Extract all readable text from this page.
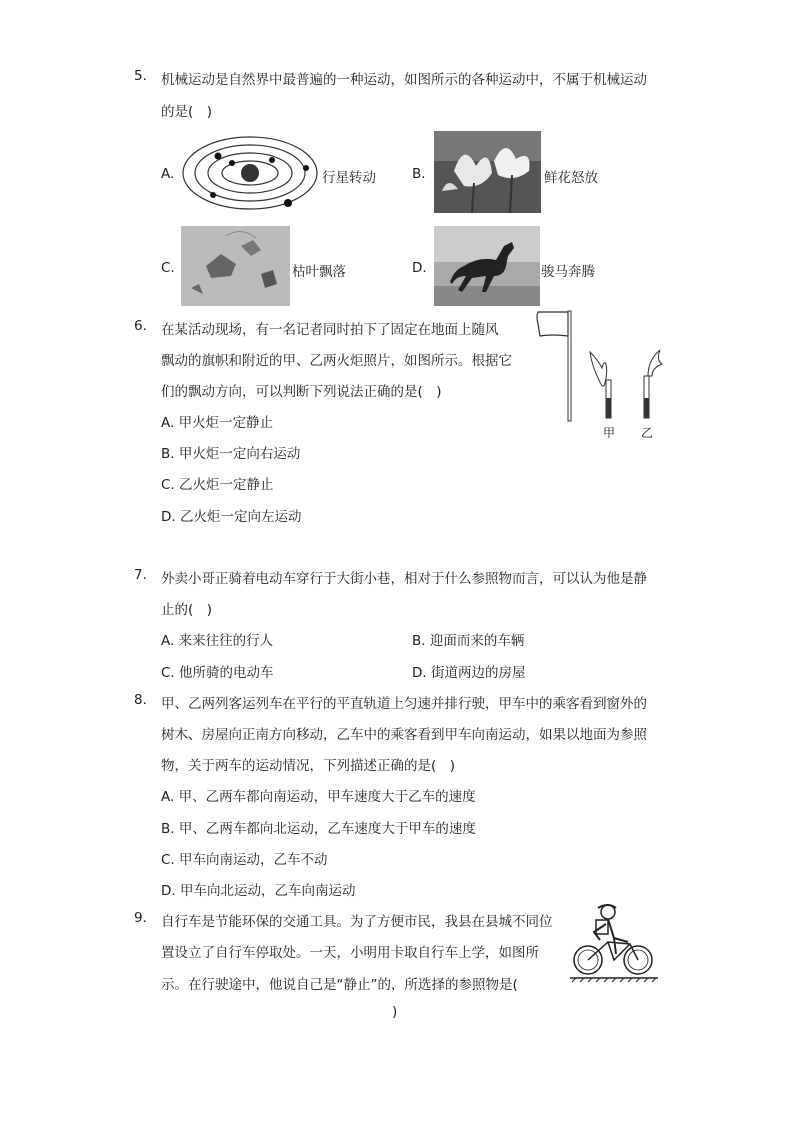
5. 机械运动是自然界中最普遍的一种运动，如图所示的各种运动中，不属于机械运动
的是(　)
A.	行星转动	B.	鲜花怒放
C.	枯叶飘落	D.	骏马奔腾
6. 在某活动现场，有一名记者同时拍下了固定在地面上随风
飘动的旗帜和附近的甲、乙两火炬照片，如图所示。根据它
们的飘动方向，可以判断下列说法正确的是(　)
A. 甲火炬一定静止
B. 甲火炬一定向右运动
C. 乙火炬一定静止
D. 乙火炬一定向左运动
甲 乙
7. 外卖小哥正骑着电动车穿行于大街小巷，相对于什么参照物而言，可以认为他是静
止的(　)
A. 来来往往的行人	B. 迎面而来的车辆
C. 他所骑的电动车	D. 街道两边的房屋
8. 甲、乙两列客运列车在平行的平直轨道上匀速并排行驶，甲车中的乘客看到窗外的
树木、房屋向正南方向移动，乙车中的乘客看到甲车向南运动，如果以地面为参照
物，关于两车的运动情况，下列描述正确的是(　)
A. 甲、乙两车都向南运动，甲车速度大于乙车的速度
B. 甲、乙两车都向北运动，乙车速度大于甲车的速度
C. 甲车向南运动，乙车不动
D. 甲车向北运动，乙车向南运动
9. 自行车是节能环保的交通工具。为了方便市民，我县在县城不同位
置设立了自行车停取处。一天，小明用卡取自行车上学，如图所
示。在行驶途中，他说自己是“静止”的，所选择的参照物是(
)
